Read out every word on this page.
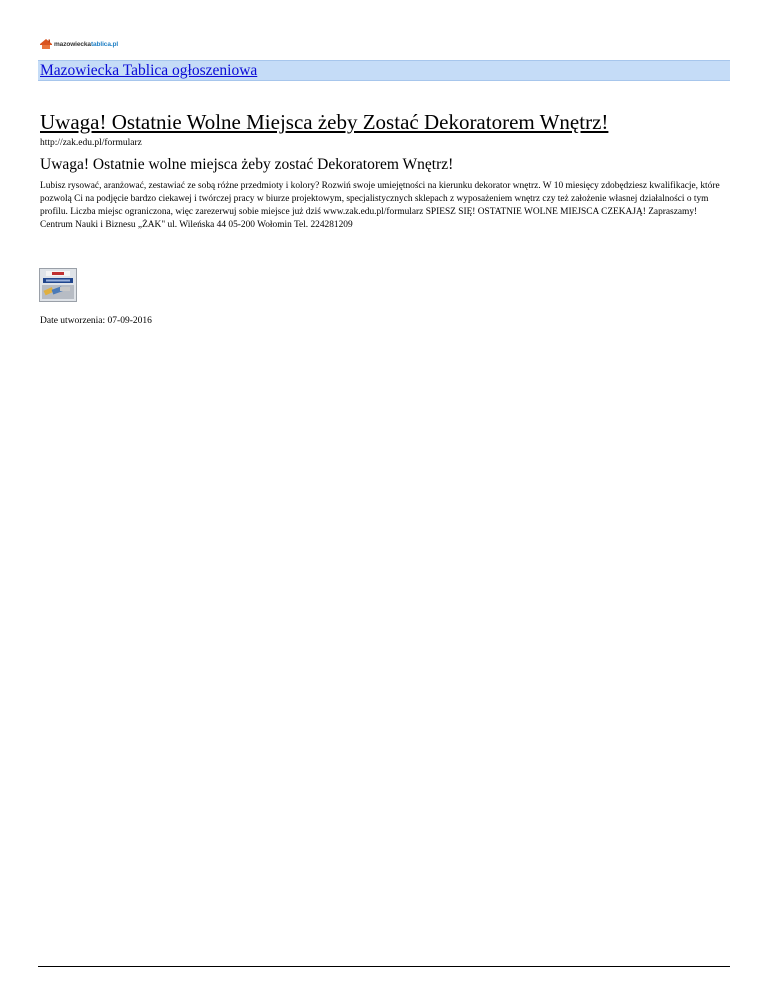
mazowieckatablica.pl
Mazowiecka Tablica ogłoszeniowa
Uwaga! Ostatnie Wolne Miejsca żeby Zostać Dekoratorem Wnętrz!
http://zak.edu.pl/formularz
Uwaga! Ostatnie wolne miejsca żeby zostać Dekoratorem Wnętrz!

Lubisz rysować, aranżować, zestawiać ze sobą różne przedmioty i kolory? Rozwiń swoje umiejętności na kierunku dekorator wnętrz. W 10 miesięcy zdobędziesz kwalifikacje, które pozwolą Ci na podjęcie bardzo ciekawej i twórczej pracy w biurze projektowym, specjalistycznych sklepach z wyposażeniem wnętrz czy też założenie własnej działalności o tym profilu. Liczba miejsc ograniczona, więc zarezerwuj sobie miejsce już dziś www.zak.edu.pl/formularz SPIESZ SIĘ! OSTATNIE WOLNE MIEJSCA CZEKAJĄ! Zapraszamy! Centrum Nauki i Biznesu „ŻAK" ul. Wileńska 44 05-200 Wołomin Tel. 224281209

Date utworzenia: 07-09-2016
